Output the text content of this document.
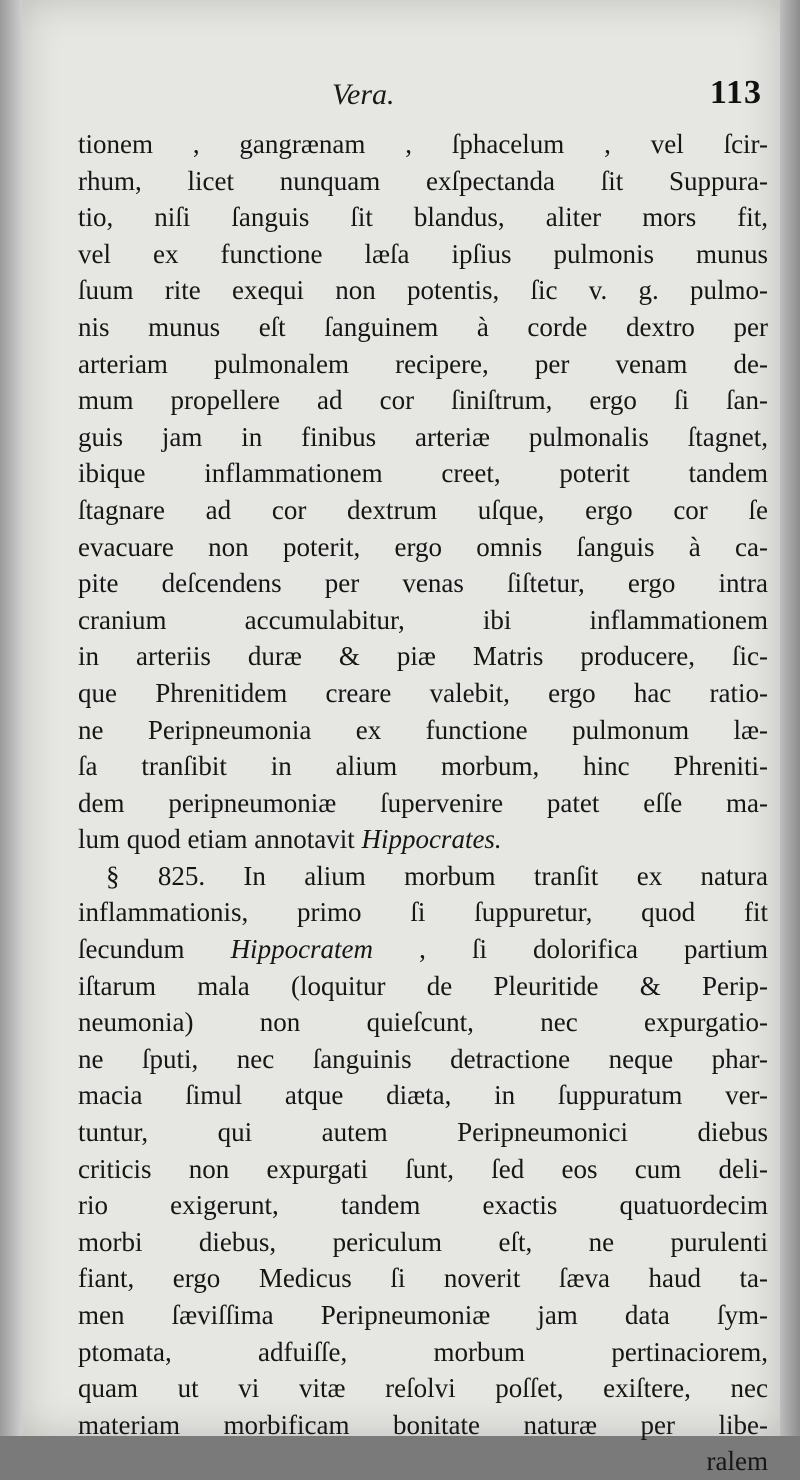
Vera.	113
tionem , gangrænam , ſphacelum , vel ſcir-
rhum, licet nunquam exſpectanda ſit Suppura-
tio, niſi ſanguis ſit blandus, aliter mors fit,
vel ex functione læſa ipſius pulmonis munus
ſuum rite exequi non potentis, ſic v. g. pulmo-
nis munus eſt ſanguinem à corde dextro per
arteriam pulmonalem recipere, per venam de-
mum propellere ad cor ſiniſtrum, ergo ſi ſan-
guis jam in finibus arteriæ pulmonalis ſtagnet,
ibique inflammationem creet, poterit tandem
ſtagnare ad cor dextrum uſque, ergo cor ſe
evacuare non poterit, ergo omnis ſanguis à ca-
pite deſcendens per venas ſiſtetur, ergo intra
cranium accumulabitur, ibi inflammationem
in arteriis duræ & piæ Matris producere, ſic-
que Phrenitidem creare valebit, ergo hac ratio-
ne Peripneumonia ex functione pulmonum læ-
ſa tranſibit in alium morbum, hinc Phreniti-
dem peripneumoniæ ſupervenire patet eſſe ma-
lum quod etiam annotavit Hippocrates.
§ 825. In alium morbum tranſit ex natura
inflammationis, primo ſi ſuppuretur, quod fit
ſecundum Hippocratem , ſi dolorifica partium
iſtarum mala (loquitur de Pleuritide & Perip-
neumonia) non quieſcunt, nec expurgatio-
ne ſputi, nec ſanguinis detractione neque phar-
macia ſimul atque diæta, in ſuppuratum ver-
tuntur, qui autem Peripneumonici diebus
criticis non expurgati ſunt, ſed eos cum deli-
rio exigerunt, tandem exactis quatuordecim
morbi diebus, periculum eſt, ne purulenti
fiant, ergo Medicus ſi noverit ſæva haud ta-
men ſæviſſima Peripneumoniæ jam data ſym-
ptomata, adfuiſſe, morbum pertinaciorem,
quam ut vi vitæ reſolvi poſſet, exiſtere, nec
materiam morbificam bonitate naturæ per libe-
ralem
